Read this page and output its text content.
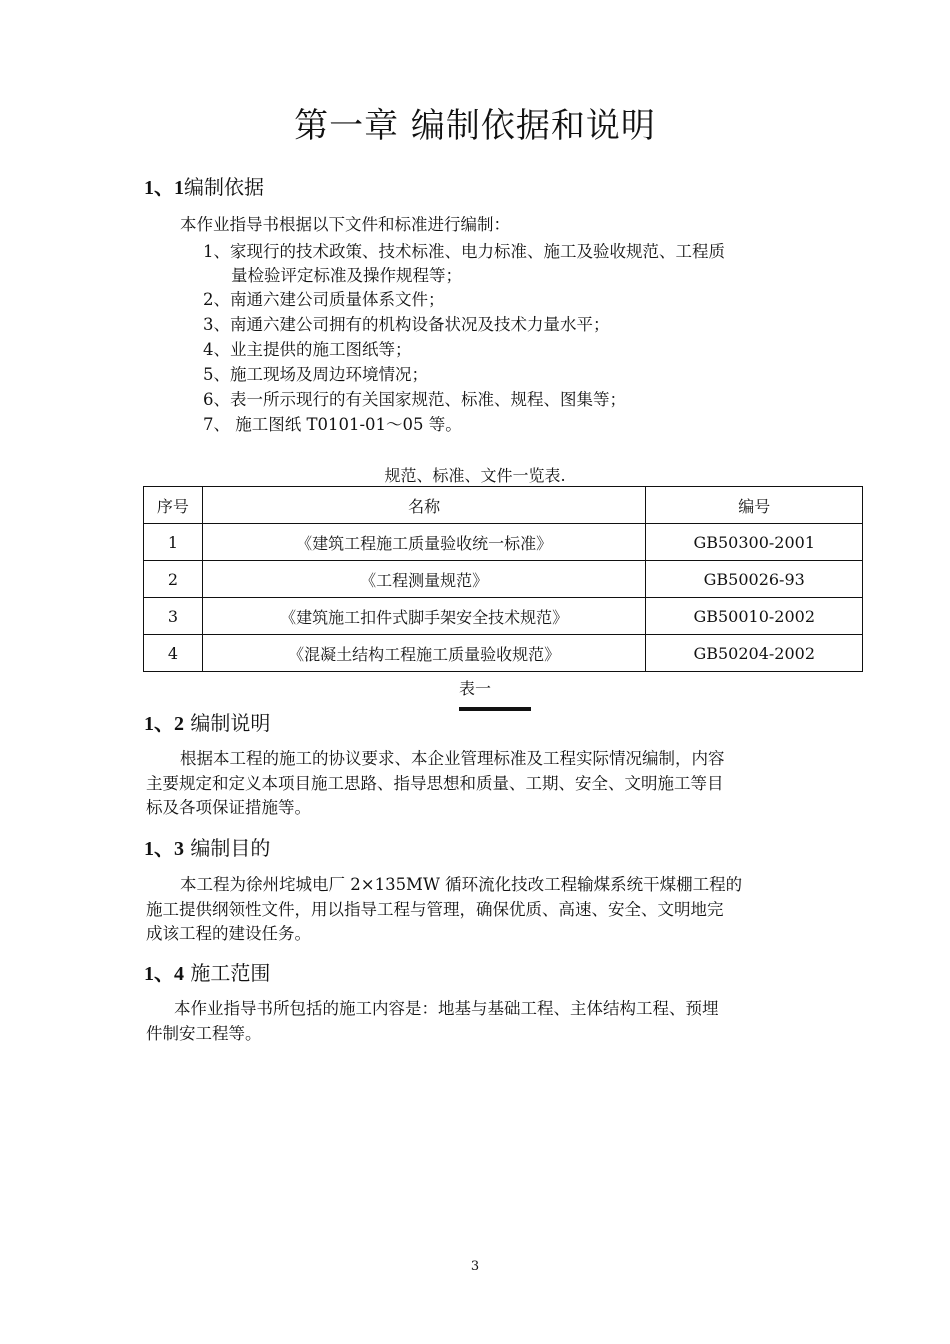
第一章 编制依据和说明
1、1编制依据
本作业指导书根据以下文件和标准进行编制：
1、家现行的技术政策、技术标准、电力标准、施工及验收规范、工程质
量检验评定标准及操作规程等；
2、南通六建公司质量体系文件；
3、南通六建公司拥有的机构设备状况及技术力量水平；
4、业主提供的施工图纸等；
5、施工现场及周边环境情况；
6、表一所示现行的有关国家规范、标准、规程、图集等；
7、 施工图纸 T0101-01～05 等。
规范、标准、文件一览表.
序号	名称	编号
1	《建筑工程施工质量验收统一标准》	GB50300-2001
2	《工程测量规范》	GB50026-93
3	《建筑施工扣件式脚手架安全技术规范》	GB50010-2002
4	《混凝土结构工程施工质量验收规范》	GB50204-2002
表一
1、2 编制说明
根据本工程的施工的协议要求、本企业管理标准及工程实际情况编制，内容
主要规定和定义本项目施工思路、指导思想和质量、工期、安全、文明施工等目
标及各项保证措施等。
1、3 编制目的
本工程为徐州垞城电厂 2×135MW 循环流化技改工程输煤系统干煤棚工程的
施工提供纲领性文件，用以指导工程与管理，确保优质、高速、安全、文明地完
成该工程的建设任务。
1、4 施工范围
本作业指导书所包括的施工内容是：地基与基础工程、主体结构工程、预埋
件制安工程等。
3
